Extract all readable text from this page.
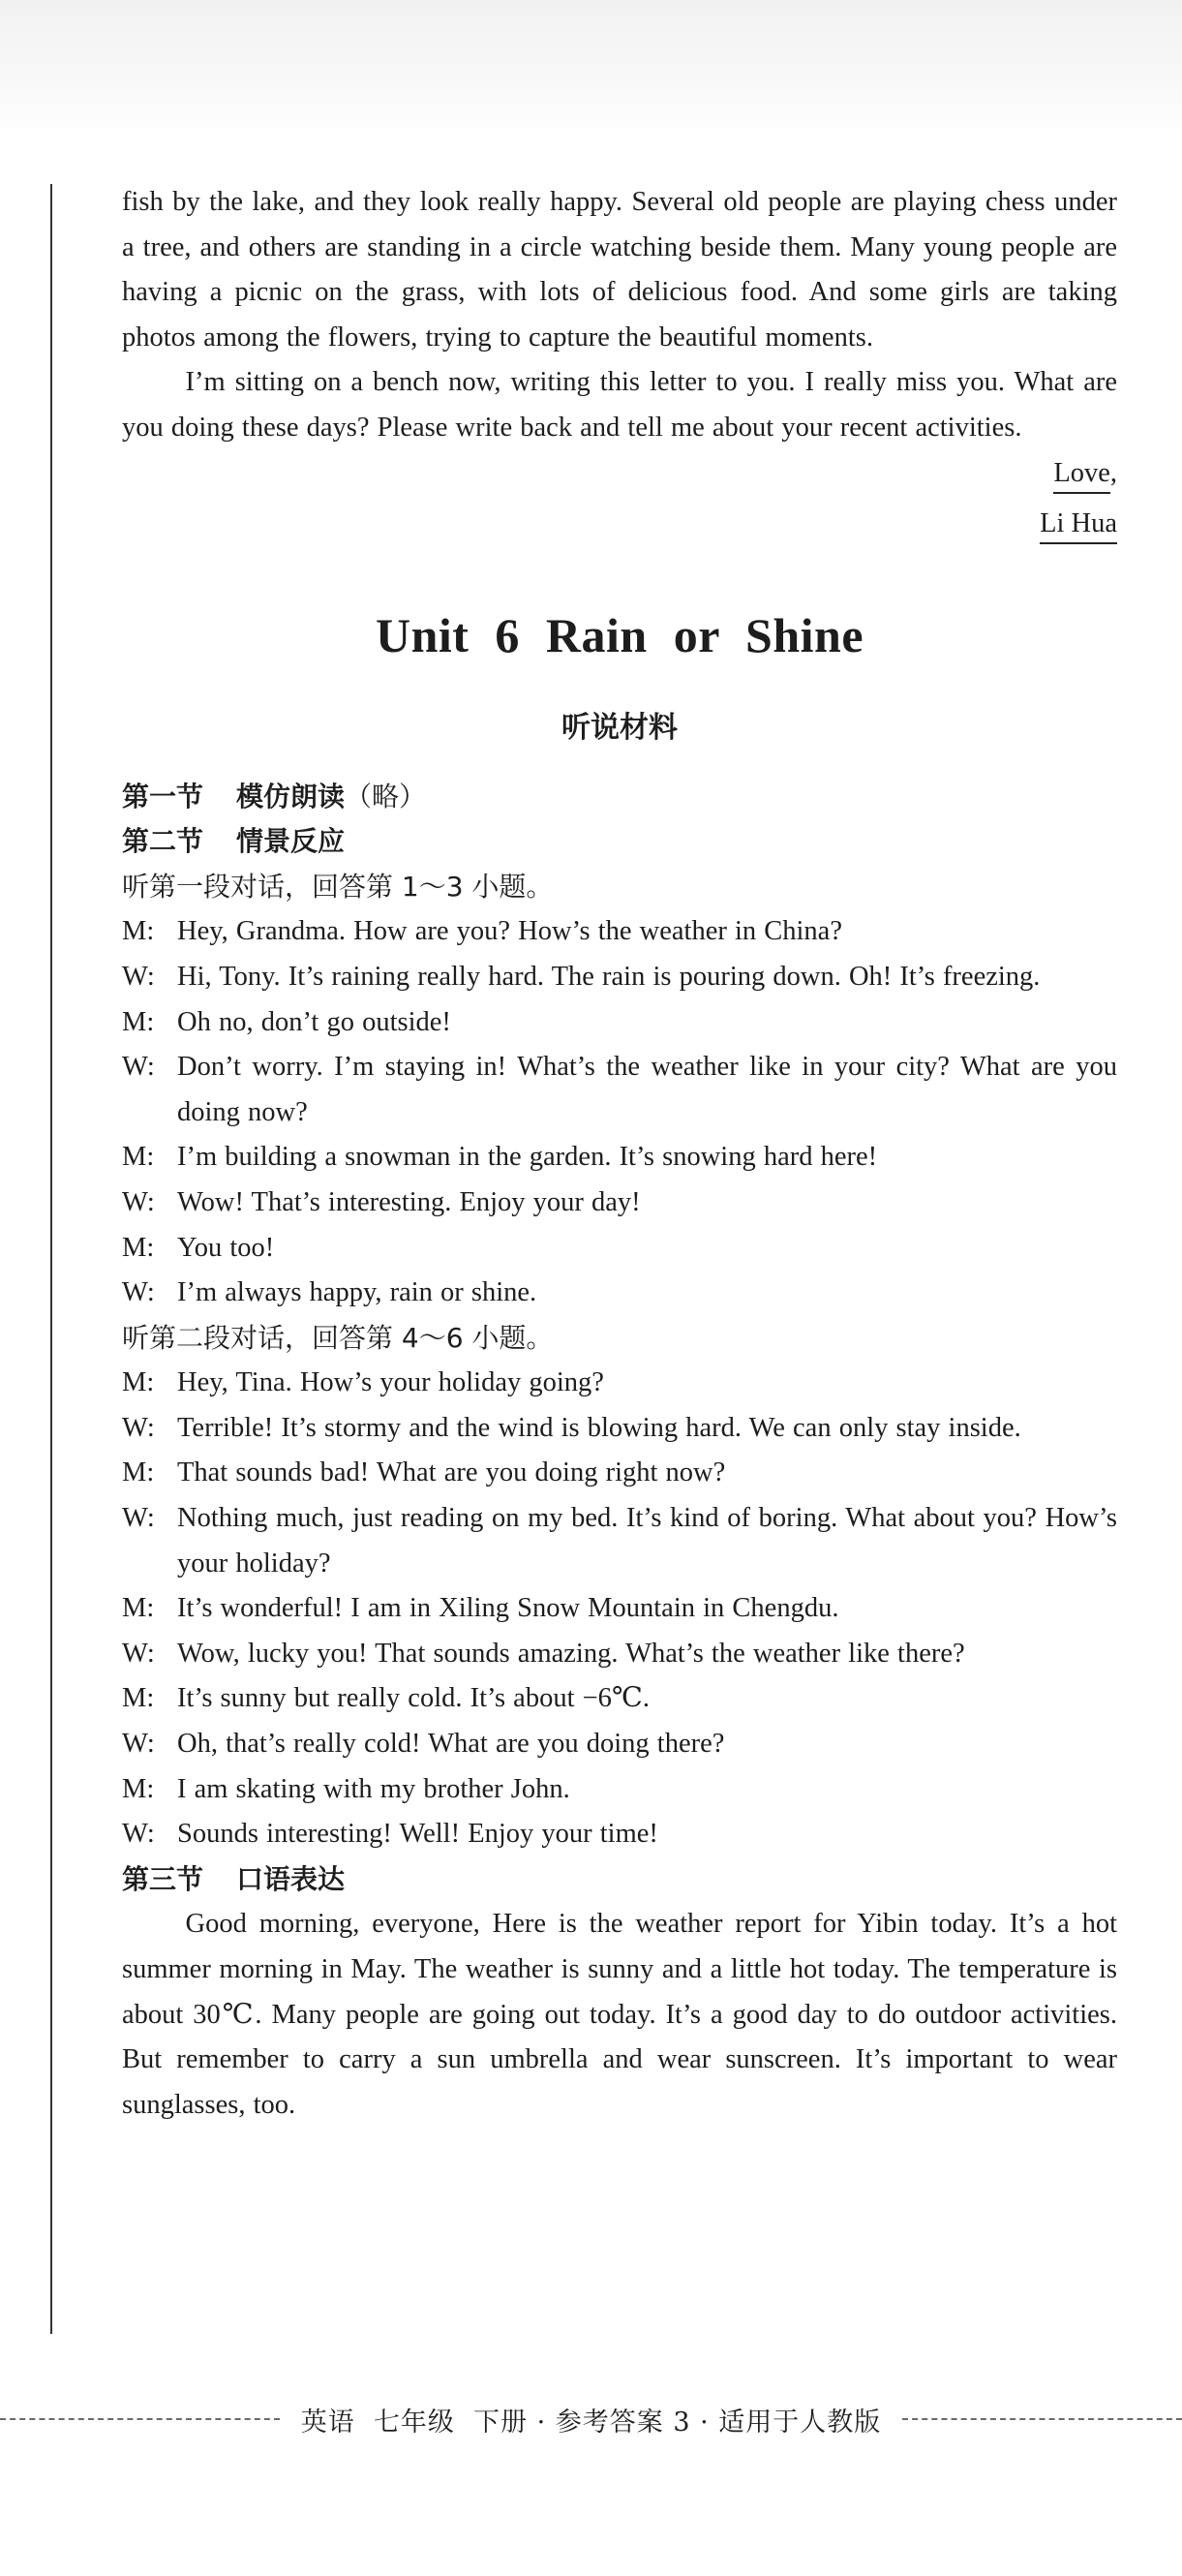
fish by the lake, and they look really happy. Several old people are playing chess under a tree, and others are standing in a circle watching beside them. Many young people are having a picnic on the grass, with lots of delicious food. And some girls are taking photos among the flowers, trying to capture the beautiful moments.

I’m sitting on a bench now, writing this letter to you. I really miss you. What are you doing these days? Please write back and tell me about your recent activities.

Love,
Li Hua
Unit 6 Rain or Shine
听说材料

第一节 模仿朗读（略）

第二节 情景反应

听第一段对话，回答第 1～3 小题。

M: Hey, Grandma. How are you? How’s the weather in China?
W: Hi, Tony. It’s raining really hard. The rain is pouring down. Oh! It’s freezing.
M: Oh no, don’t go outside!
W: Don’t worry. I’m staying in! What’s the weather like in your city? What are you doing now?
M: I’m building a snowman in the garden. It’s snowing hard here!
W: Wow! That’s interesting. Enjoy your day!
M: You too!
W: I’m always happy, rain or shine.

听第二段对话，回答第 4～6 小题。

M: Hey, Tina. How’s your holiday going?
W: Terrible! It’s stormy and the wind is blowing hard. We can only stay inside.
M: That sounds bad! What are you doing right now?
W: Nothing much, just reading on my bed. It’s kind of boring. What about you? How’s your holiday?
M: It’s wonderful! I am in Xiling Snow Mountain in Chengdu.
W: Wow, lucky you! That sounds amazing. What’s the weather like there?
M: It’s sunny but really cold. It’s about −6℃.
W: Oh, that’s really cold! What are you doing there?
M: I am skating with my brother John.
W: Sounds interesting! Well! Enjoy your time!

第三节 口语表达

Good morning, everyone, Here is the weather report for Yibin today. It’s a hot summer morning in May. The weather is sunny and a little hot today. The temperature is about 30℃. Many people are going out today. It’s a good day to do outdoor activities. But remember to carry a sun umbrella and wear sunscreen. It’s important to wear sunglasses, too.

英语  七年级  下册 · 参考答案 3 · 适用于人教版
